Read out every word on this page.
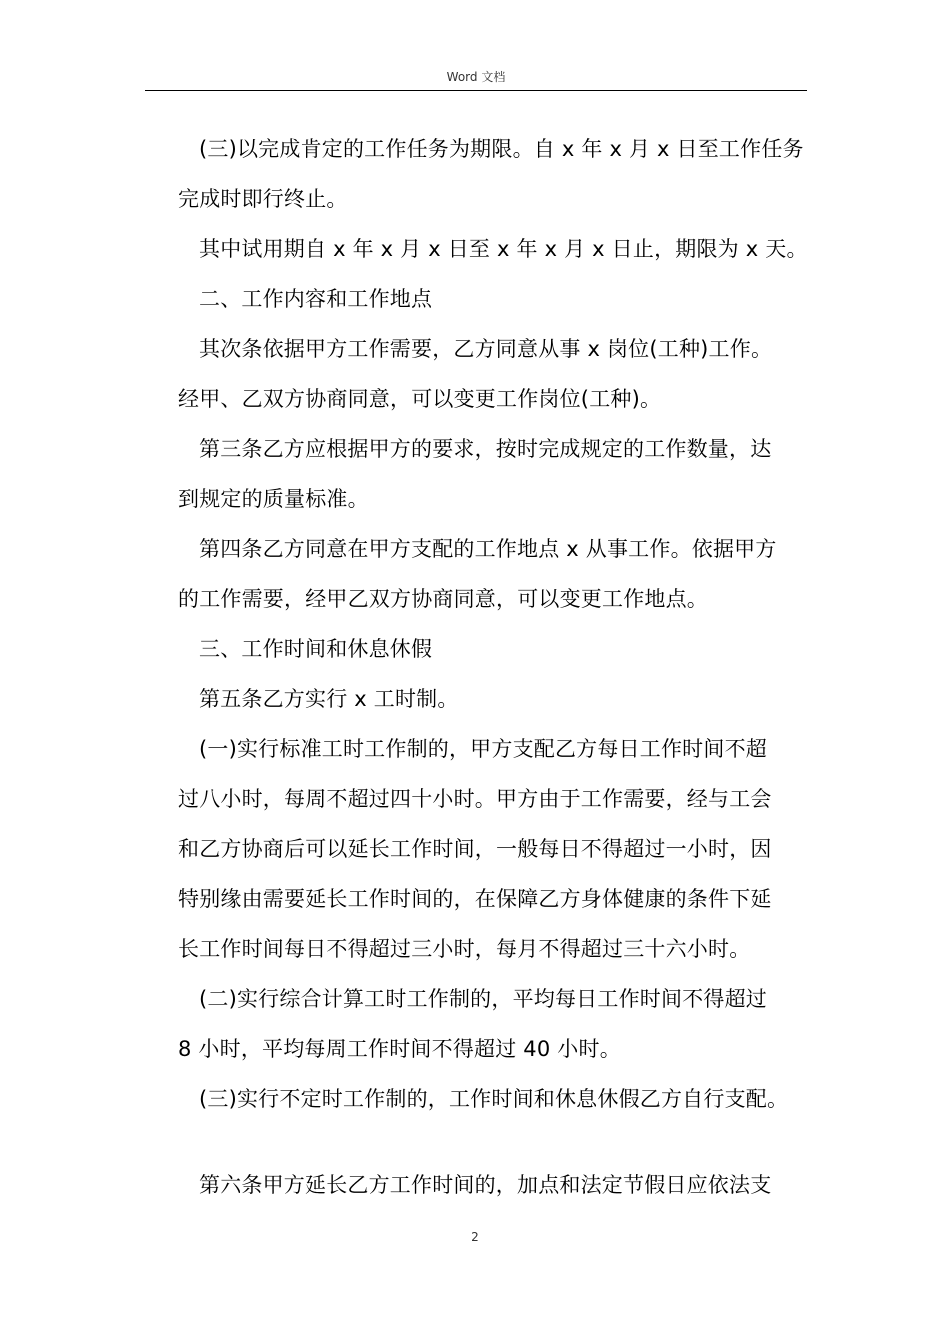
Word 文档
(三)以完成肯定的工作任务为期限。自 x 年 x 月 x 日至工作任务
完成时即行终止。
其中试用期自 x 年 x 月 x 日至 x 年 x 月 x 日止，期限为 x 天。
二、工作内容和工作地点
其次条依据甲方工作需要，乙方同意从事 x 岗位(工种)工作。
经甲、乙双方协商同意，可以变更工作岗位(工种)。
第三条乙方应根据甲方的要求，按时完成规定的工作数量，达
到规定的质量标准。
第四条乙方同意在甲方支配的工作地点 x 从事工作。依据甲方
的工作需要，经甲乙双方协商同意，可以变更工作地点。
三、工作时间和休息休假
第五条乙方实行 x 工时制。
(一)实行标准工时工作制的，甲方支配乙方每日工作时间不超
过八小时，每周不超过四十小时。甲方由于工作需要，经与工会
和乙方协商后可以延长工作时间，一般每日不得超过一小时，因
特别缘由需要延长工作时间的，在保障乙方身体健康的条件下延
长工作时间每日不得超过三小时，每月不得超过三十六小时。
(二)实行综合计算工时工作制的，平均每日工作时间不得超过
8 小时，平均每周工作时间不得超过 40 小时。
(三)实行不定时工作制的，工作时间和休息休假乙方自行支配。
第六条甲方延长乙方工作时间的，加点和法定节假日应依法支
2
